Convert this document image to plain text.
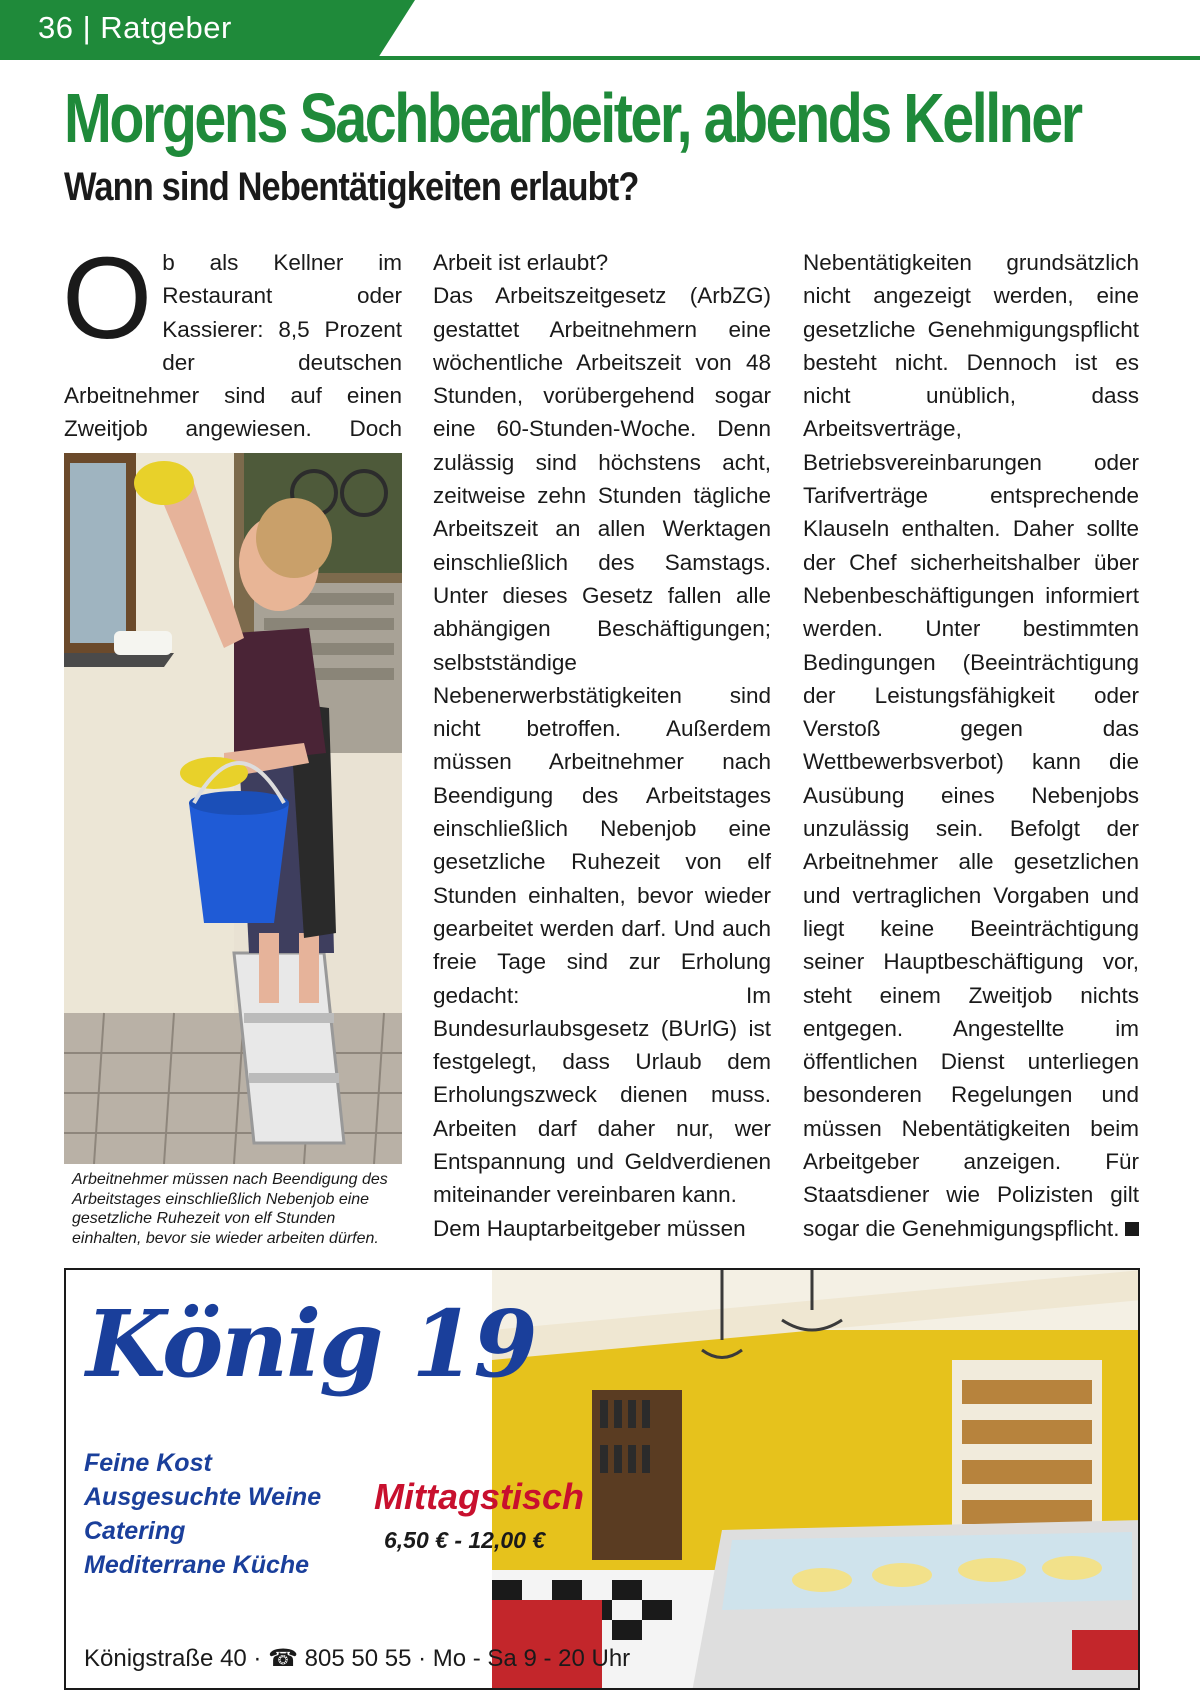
36 | Ratgeber
Morgens Sachbearbeiter, abends Kellner
Wann sind Nebentätigkeiten erlaubt?
O b als Kellner im Restaurant oder Kassierer: 8,5 Prozent der deutschen Arbeitnehmer sind auf einen Zweitjob angewiesen. Doch

Arbeitnehmer müssen nach Beendigung des Arbeitstages einschließlich Nebenjob eine gesetzliche Ruhezeit von elf Stunden einhalten, bevor sie wieder arbeiten dürfen.

Arbeit ist erlaubt?

Das Arbeitszeitgesetz (ArbZG) gestattet Arbeitnehmern eine wöchentliche Arbeitszeit von 48 Stunden, vorübergehend sogar eine 60-Stunden-Woche. Denn zulässig sind höchstens acht, zeitweise zehn Stunden tägliche Arbeitszeit an allen Werktagen einschließlich des Samstags. Unter dieses Gesetz fallen alle abhängigen Beschäftigungen; selbstständige Nebenerwerbstätigkeiten sind nicht betroffen. Außerdem müssen Arbeitnehmer nach Beendigung des Arbeitstages einschließlich Nebenjob eine gesetzliche Ruhezeit von elf Stunden einhalten, bevor wieder gearbeitet werden darf. Und auch freie Tage sind zur Erholung gedacht: Im Bundesurlaubsgesetz (BUrlG) ist festgelegt, dass Urlaub dem Erholungszweck dienen muss. Arbeiten darf daher nur, wer Entspannung und Geldverdienen miteinander vereinbaren kann.

Dem Hauptarbeitgeber müssen

Nebentätigkeiten grundsätzlich nicht angezeigt werden, eine gesetzliche Genehmigungspflicht besteht nicht. Dennoch ist es nicht unüblich, dass Arbeitsverträge, Betriebsvereinbarungen oder Tarifverträge entsprechende Klauseln enthalten. Daher sollte der Chef sicherheitshalber über Nebenbeschäftigungen informiert werden. Unter bestimmten Bedingungen (Beeinträchtigung der Leistungsfähigkeit oder Verstoß gegen das Wettbewerbsverbot) kann die Ausübung eines Nebenjobs unzulässig sein. Befolgt der Arbeitnehmer alle gesetzlichen und vertraglichen Vorgaben und liegt keine Beeinträchtigung seiner Hauptbeschäftigung vor, steht einem Zweitjob nichts entgegen. Angestellte im öffentlichen Dienst unterliegen besonderen Regelungen und müssen Nebentätigkeiten beim Arbeitgeber anzeigen. Für Staatsdiener wie Polizisten gilt sogar die Genehmigungspflicht.

König 19
Feine Kost
Ausgesuchte Weine
Catering
Mediterrane Küche
Mittagstisch
6,50 € - 12,00 €
Königstraße 40 · ☎ 805 50 55 · Mo - Sa 9 - 20 Uhr
